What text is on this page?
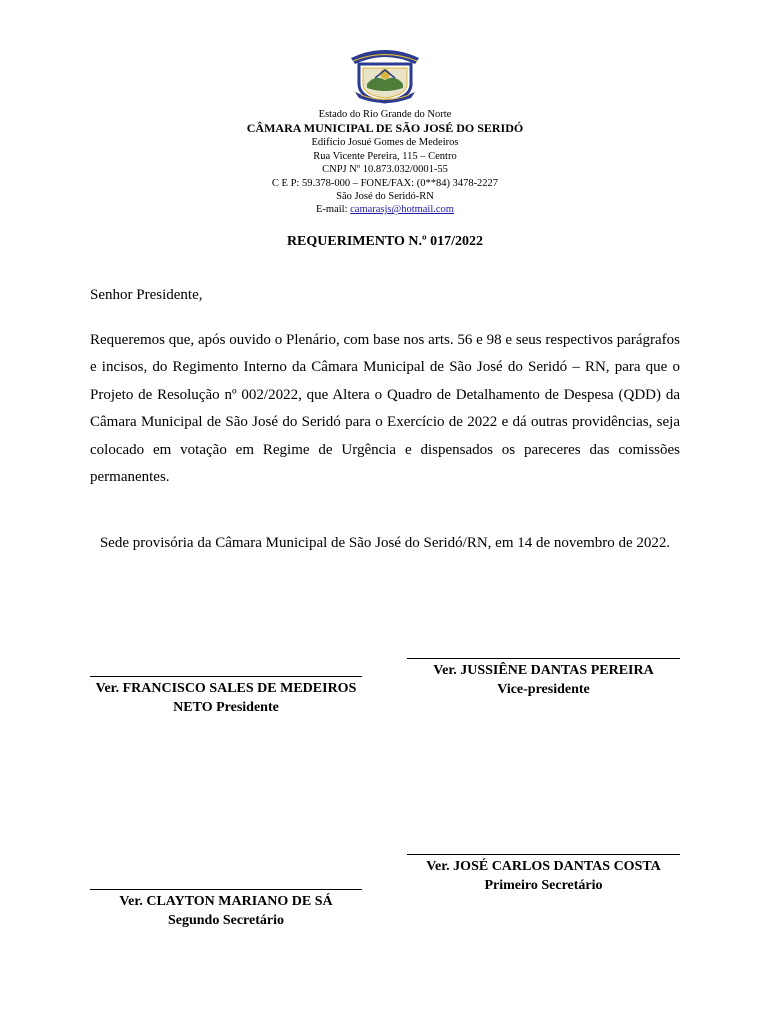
Estado do Rio Grande do Norte
CÂMARA MUNICIPAL DE SÃO JOSÉ DO SERIDÓ
Edifício Josué Gomes de Medeiros
Rua Vicente Pereira, 115 – Centro
CNPJ Nº 10.873.032/0001-55
C E P: 59.378-000 – FONE/FAX: (0**84) 3478-2227
São José do Seridó-RN
E-mail: camarasjs@hotmail.com
REQUERIMENTO N.º 017/2022
Senhor Presidente,
Requeremos que, após ouvido o Plenário, com base nos arts. 56 e 98 e seus respectivos parágrafos e incisos, do Regimento Interno da Câmara Municipal de São José do Seridó – RN, para que o Projeto de Resolução nº 002/2022, que Altera o Quadro de Detalhamento de Despesa (QDD) da Câmara Municipal de São José do Seridó para o Exercício de 2022 e dá outras providências, seja colocado em votação em Regime de Urgência e dispensados os pareceres das comissões permanentes.
Sede provisória da Câmara Municipal de São José do Seridó/RN, em 14 de novembro de 2022.
Ver. FRANCISCO SALES DE MEDEIROS NETO Presidente
Ver. JUSSIÊNE DANTAS PEREIRA
Vice-presidente
Ver. CLAYTON MARIANO DE SÁ
Segundo Secretário
Ver. JOSÉ CARLOS DANTAS COSTA
Primeiro Secretário
